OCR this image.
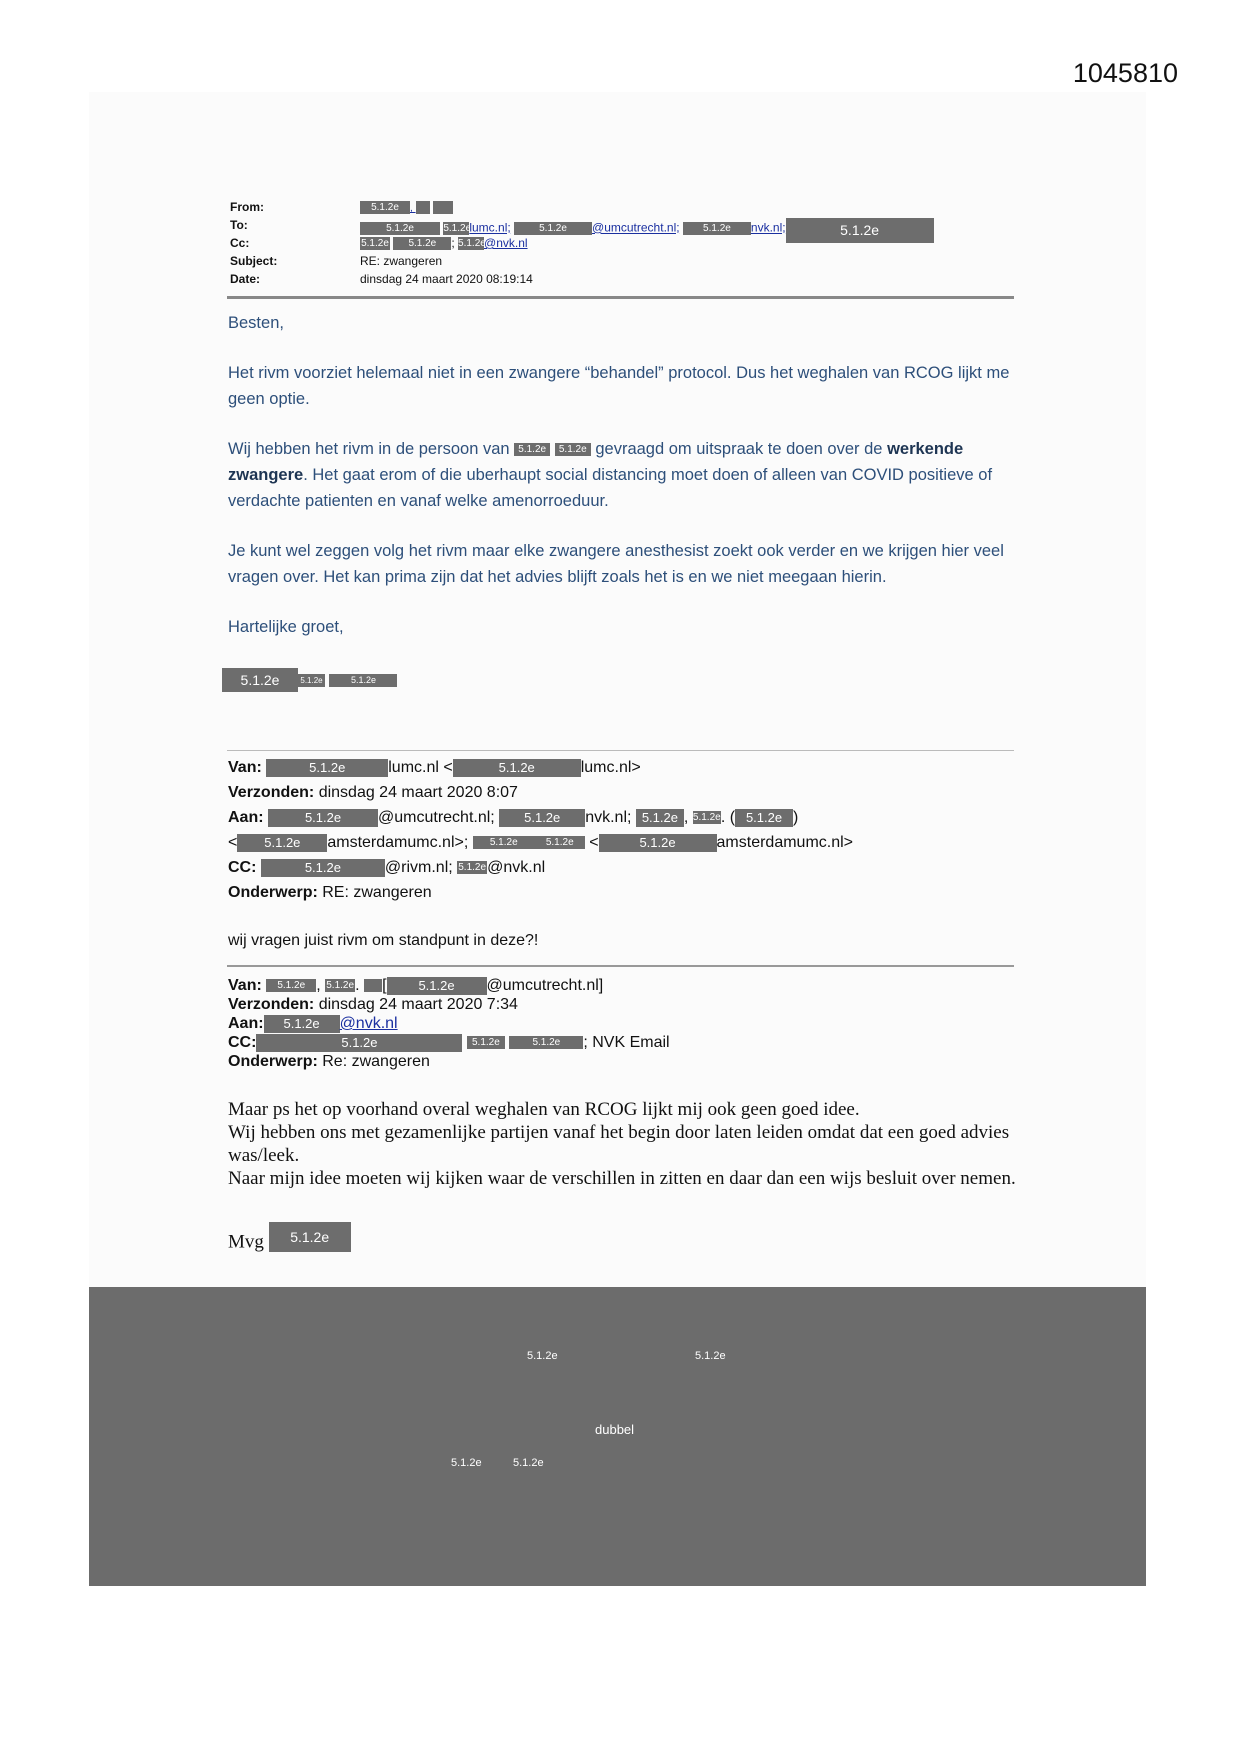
1045810
From:	5.1.2e ,
To:	5.1.2e	5.1.2elumc.nl;	5.1.2e @umcutrecht.nl; 5.1.2e nvk.nl;	5.1.2e
Cc:	5.1.2e 5.1.2e ; 5.1.2e@nvk.nl
Subject:	RE: zwangeren
Date:	dinsdag 24 maart 2020 08:19:14
Besten,
Het rivm voorziet helemaal niet in een zwangere “behandel” protocol. Dus het weghalen van RCOG lijkt me geen optie.
Wij hebben het rivm in de persoon van 5.1.2e 5.1.2e gevraagd om uitspraak te doen over de werkende zwangere. Het gaat erom of die uberhaupt social distancing moet doen of alleen van COVID positieve of verdachte patienten en vanaf welke amenorroeduur.
Je kunt wel zeggen volg het rivm maar elke zwangere anesthesist zoekt ook verder en we krijgen hier veel vragen over. Het kan prima zijn dat het advies blijft zoals het is en we niet meegaan hierin.
Hartelijke groet,
5.1.2e	5.1.2e	5.1.2e
Van:	5.1.2e	lumc.nl <	5.1.2e	lumc.nl>
Verzonden: dinsdag 24 maart 2020 8:07
Aan:	5.1.2e @umcutrecht.nl; 5.1.2e nvk.nl; 5.1.2e , 5.1.2e. ( 5.1.2e )
< 5.1.2e amsterdamumc.nl>; 5.1.2e	5.1.2e <	5.1.2e	amsterdamumc.nl>
CC:	5.1.2e	@rivm.nl; 5.1.2e@nvk.nl
Onderwerp: RE: zwangeren
wij vragen juist rivm om standpunt in deze?!
Van: 5.1.2e , 5.1.2e. [ 5.1.2e @umcutrecht.nl]
Verzonden: dinsdag 24 maart 2020 7:34
Aan: 5.1.2e @nvk.nl
CC:	5.1.2e	5.1.2e	5.1.2e ; NVK Email
Onderwerp: Re: zwangeren
Maar ps het op voorhand overal weghalen van RCOG lijkt mij ook geen goed idee.
Wij hebben ons met gezamenlijke partijen vanaf het begin door laten leiden omdat dat een goed advies was/leek.
Naar mijn idee moeten wij kijken waar de verschillen in zitten en daar dan een wijs besluit over nemen.
Mvg 5.1.2e
5.1.2e	5.1.2e
dubbel
5.1.2e	5.1.2e
